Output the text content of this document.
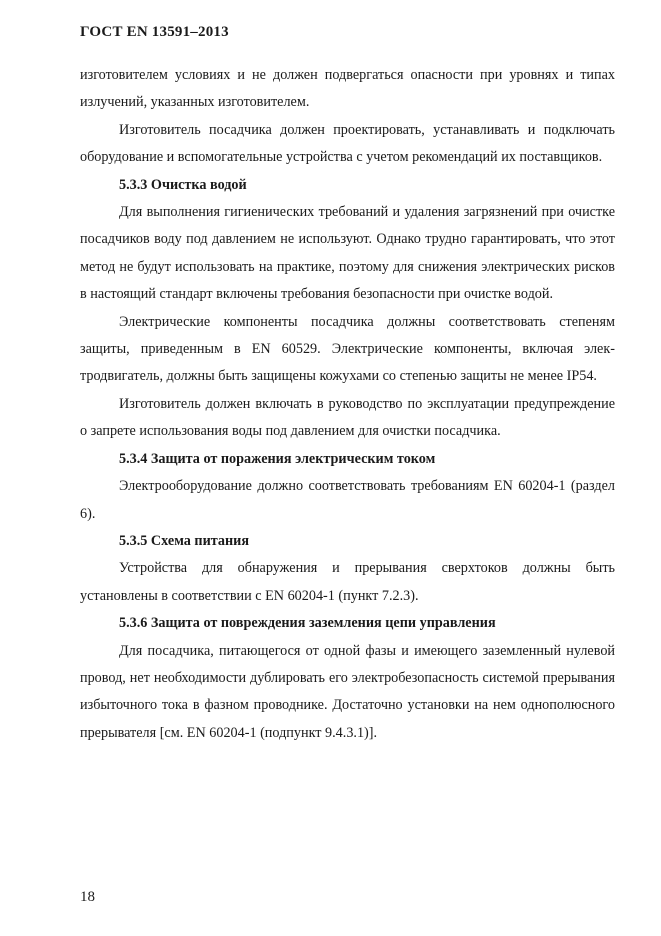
ГОСТ EN 13591–2013

изготовителем условиях и не должен подвергаться опасности при уровнях и типах излучений, указанных изготовителем.

Изготовитель посадчика должен проектировать, устанавливать и подключать оборудование и вспомогательные устройства с учетом рекомендаций их поставщиков.

5.3.3 Очистка водой

Для выполнения гигиенических требований и удаления загрязнений при очистке посадчиков воду под давлением не используют. Однако трудно гарантировать, что этот метод не будут использовать на практике, поэтому для снижения электрических рисков в настоящий стандарт включены требования безопасности при очистке водой.

Электрические компоненты посадчика должны соответствовать степеням защиты, приведенным в EN 60529. Электрические компоненты, включая электродвигатель, должны быть защищены кожухами со степенью защиты не менее IP54.

Изготовитель должен включать в руководство по эксплуатации предупреждение о запрете использования воды под давлением для очистки посадчика.

5.3.4 Защита от поражения электрическим током

Электрооборудование должно соответствовать требованиям EN 60204-1 (раздел 6).

5.3.5 Схема питания

Устройства для обнаружения и прерывания сверхтоков должны быть установлены в соответствии с EN 60204-1 (пункт 7.2.3).

5.3.6 Защита от повреждения заземления цепи управления

Для посадчика, питающегося от одной фазы и имеющего заземленный нулевой провод, нет необходимости дублировать его электробезопасность системой прерывания избыточного тока в фазном проводнике. Достаточно установки на нем однополюсного прерывателя [см. EN 60204-1 (подпункт 9.4.3.1)].

18
